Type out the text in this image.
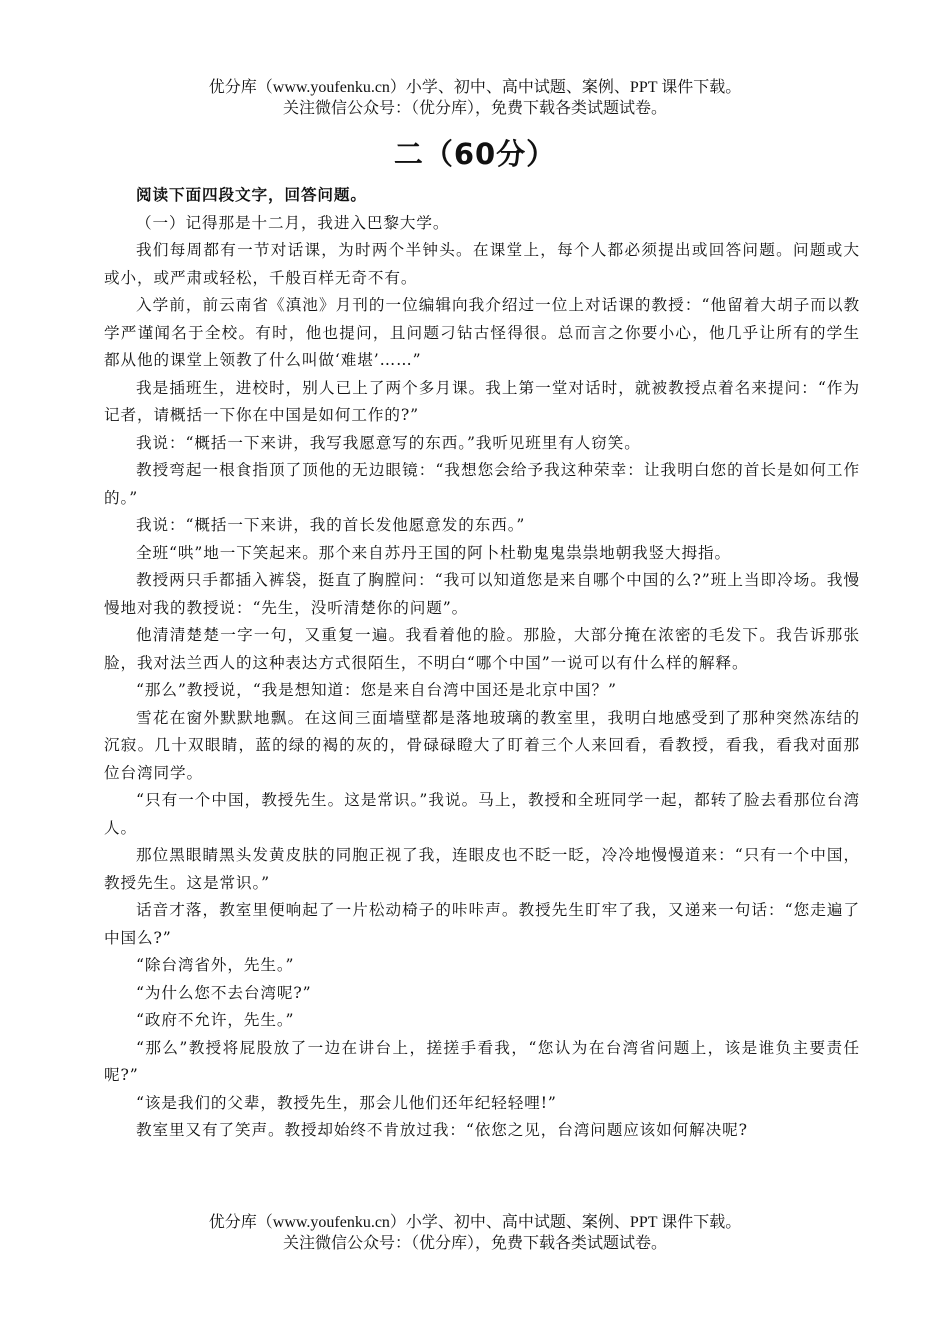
优分库（www.youfenku.cn）小学、初中、高中试题、案例、PPT 课件下载。
关注微信公众号：（优分库），免费下载各类试题试卷。
二（60分）
阅读下面四段文字，回答问题。

（一）记得那是十二月，我进入巴黎大学。

我们每周都有一节对话课，为时两个半钟头。在课堂上，每个人都必须提出或回答问题。问题或大或小，或严肃或轻松，千般百样无奇不有。

入学前，前云南省《滇池》月刊的一位编辑向我介绍过一位上对话课的教授：“他留着大胡子而以教学严谨闻名于全校。有时，他也提问，且问题刁钻古怪得很。总而言之你要小心，他几乎让所有的学生都从他的课堂上领教了什么叫做‘难堪’……”

我是插班生，进校时，别人已上了两个多月课。我上第一堂对话时，就被教授点着名来提问：“作为记者，请概括一下你在中国是如何工作的?”

我说：“概括一下来讲，我写我愿意写的东西。”我听见班里有人窃笑。

教授弯起一根食指顶了顶他的无边眼镜：“我想您会给予我这种荣幸：让我明白您的首长是如何工作的。”

我说：“概括一下来讲，我的首长发他愿意发的东西。”

全班“哄”地一下笑起来。那个来自苏丹王国的阿卜杜勒鬼鬼祟祟地朝我竖大拇指。

教授两只手都插入裤袋，挺直了胸膛问：“我可以知道您是来自哪个中国的么?”班上当即冷场。我慢慢地对我的教授说：“先生，没听清楚你的问题”。

他清清楚楚一字一句，又重复一遍。我看着他的脸。那脸，大部分掩在浓密的毛发下。我告诉那张脸，我对法兰西人的这种表达方式很陌生，不明白“哪个中国”一说可以有什么样的解释。

“那么”教授说，“我是想知道：您是来自台湾中国还是北京中国？”

雪花在窗外默默地飘。在这间三面墙壁都是落地玻璃的教室里，我明白地感受到了那种突然冻结的沉寂。几十双眼睛，蓝的绿的褐的灰的，骨碌碌瞪大了盯着三个人来回看，看教授，看我，看我对面那位台湾同学。

“只有一个中国，教授先生。这是常识。”我说。马上，教授和全班同学一起，都转了脸去看那位台湾人。

那位黑眼睛黑头发黄皮肤的同胞正视了我，连眼皮也不眨一眨，冷冷地慢慢道来：“只有一个中国，教授先生。这是常识。”

话音才落，教室里便响起了一片松动椅子的咔咔声。教授先生盯牢了我，又递来一句话：“您走遍了中国么?”

“除台湾省外，先生。”

“为什么您不去台湾呢?”

“政府不允许，先生。”

“那么”教授将屁股放了一边在讲台上，搓搓手看我，“您认为在台湾省问题上，该是谁负主要责任呢?”

“该是我们的父辈，教授先生，那会儿他们还年纪轻轻哩!”

教室里又有了笑声。教授却始终不肯放过我：“依您之见，台湾问题应该如何解决呢?

优分库（www.youfenku.cn）小学、初中、高中试题、案例、PPT 课件下载。
关注微信公众号：（优分库），免费下载各类试题试卷。
